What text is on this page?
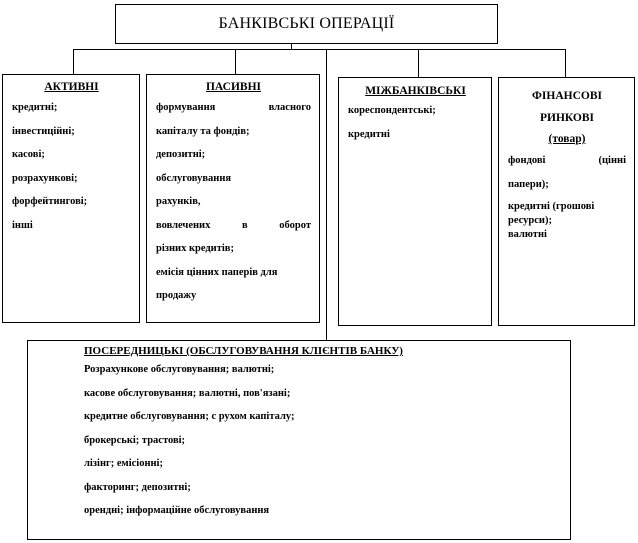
БАНКІВСЬКІ ОПЕРАЦІЇ
АКТИВНІ
кредитні;
інвестиційні;
касові;
розрахункові;
форфейтингові;
інші
ПАСИВНІ
формування	власного
капіталу та фондів;
депозитні;
обслуговування
рахунків,
вовлечених	в	оборот
різних кредитів;
емісія цінних паперів для
продажу
МІЖБАНКІВСЬКІ
кореспондентські;
кредитні
ФІНАНСОВІ
РИНКОВІ
(товар)
фондові	(цінні
папери);
кредитні (грошові
ресурси);
валютні
ПОСЕРЕДНИЦЬКІ (ОБСЛУГОВУВАННЯ КЛІЄНТІВ БАНКУ)
Розрахункове обслуговування; валютні;
касове обслуговування; валютні, пов'язані;
кредитне обслуговування; с рухом капіталу;
брокерські; трастові;
лізінг; емісіонні;
факторинг; депозитні;
орендні; інформаційне обслуговування
